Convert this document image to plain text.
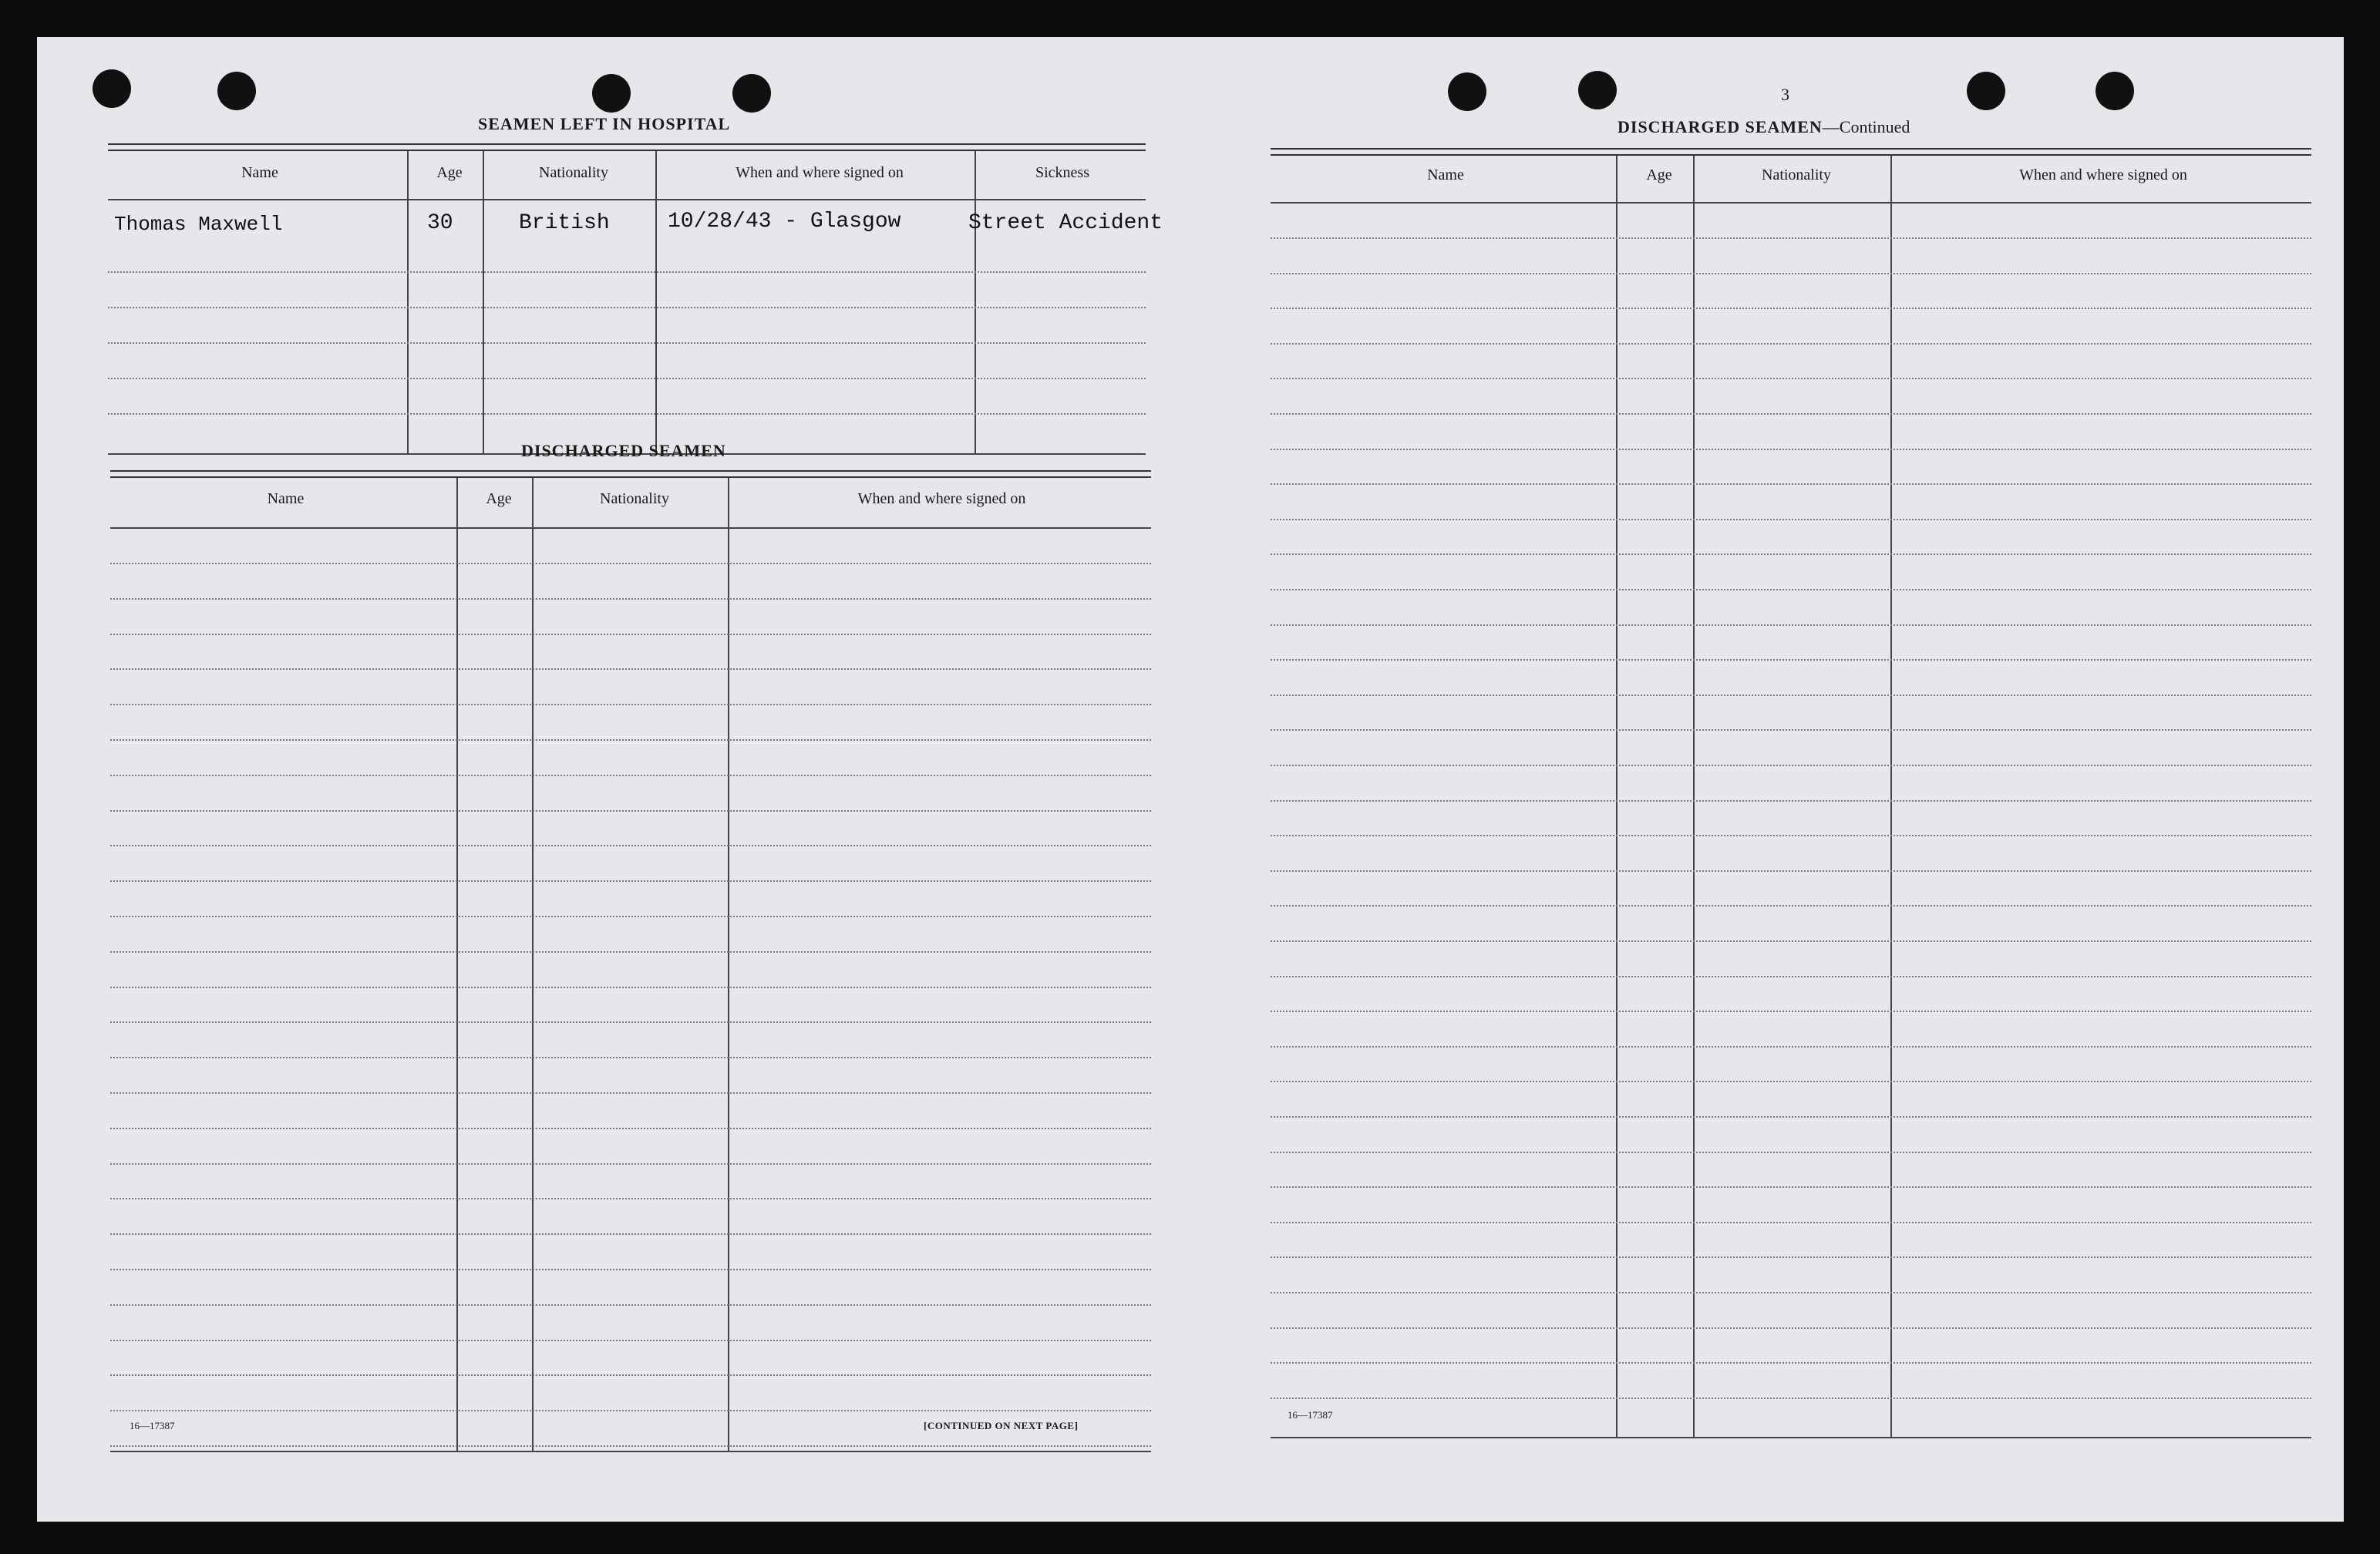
SEAMEN LEFT IN HOSPITAL
Name	Age	Nationality	When and where signed on	Sickness
Thomas Maxwell	30	British	10/28/43 - Glasgow	Street Accident
DISCHARGED SEAMEN
Name	Age	Nationality	When and where signed on
16—17387	[CONTINUED ON NEXT PAGE]
3
DISCHARGED SEAMEN—Continued
Name	Age	Nationality	When and where signed on
16—17387
